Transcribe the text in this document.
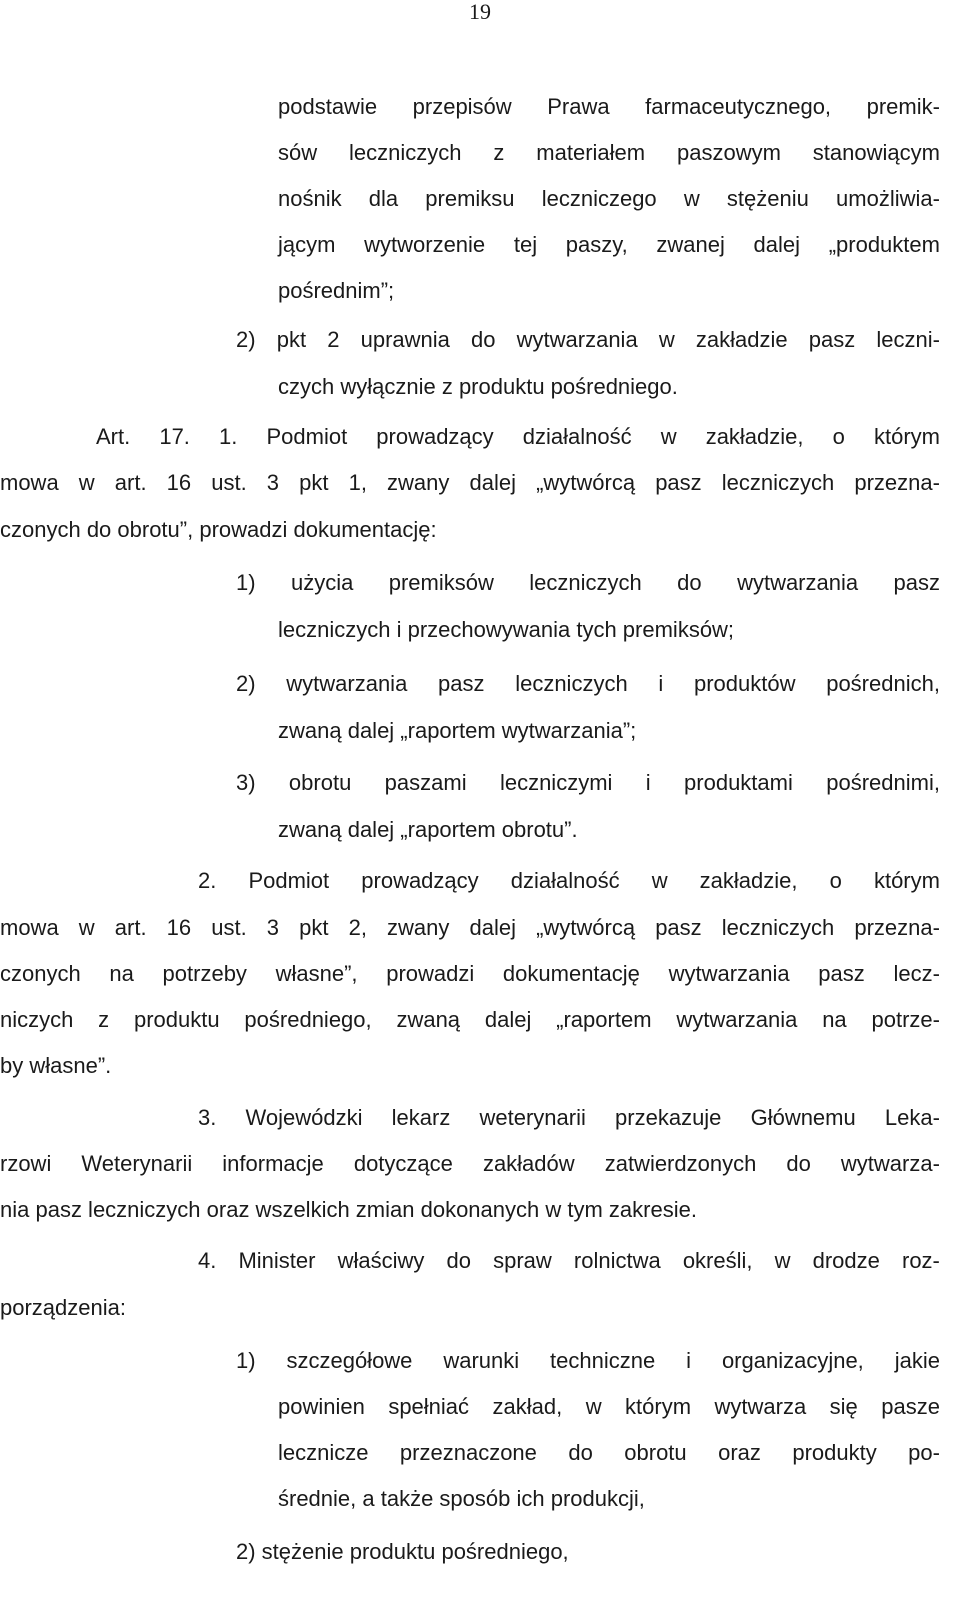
19
podstawie przepisów Prawa farmaceutycznego, premik-
sów leczniczych z materiałem paszowym stanowiącym
nośnik dla premiksu leczniczego w stężeniu umożliwia-
jącym wytworzenie tej paszy, zwanej dalej „produktem
pośrednim”;
2) pkt 2 uprawnia do wytwarzania w zakładzie pasz leczni-
czych wyłącznie z produktu pośredniego.
Art. 17. 1. Podmiot prowadzący działalność w zakładzie, o którym
mowa w art. 16 ust. 3 pkt 1, zwany dalej „wytwórcą pasz leczniczych przezna-
czonych do obrotu”, prowadzi dokumentację:
1) użycia premiksów leczniczych do wytwarzania pasz
leczniczych i przechowywania tych premiksów;
2) wytwarzania pasz leczniczych i produktów pośrednich,
zwaną dalej „raportem wytwarzania”;
3) obrotu paszami leczniczymi i produktami pośrednimi,
zwaną dalej „raportem obrotu”.
2. Podmiot prowadzący działalność w zakładzie, o którym
mowa w art. 16 ust. 3 pkt 2, zwany dalej „wytwórcą pasz leczniczych przezna-
czonych na potrzeby własne”, prowadzi dokumentację wytwarzania pasz lecz-
niczych z produktu pośredniego, zwaną dalej „raportem wytwarzania na potrze-
by własne”.
3. Wojewódzki lekarz weterynarii przekazuje Głównemu Leka-
rzowi Weterynarii informacje dotyczące zakładów zatwierdzonych do wytwarza-
nia pasz leczniczych oraz wszelkich zmian dokonanych w tym zakresie.
4. Minister właściwy do spraw rolnictwa określi, w drodze roz-
porządzenia:
1) szczegółowe warunki techniczne i organizacyjne, jakie
powinien spełniać zakład, w którym wytwarza się pasze
lecznicze przeznaczone do obrotu oraz produkty po-
średnie, a także sposób ich produkcji,
2) stężenie produktu pośredniego,
